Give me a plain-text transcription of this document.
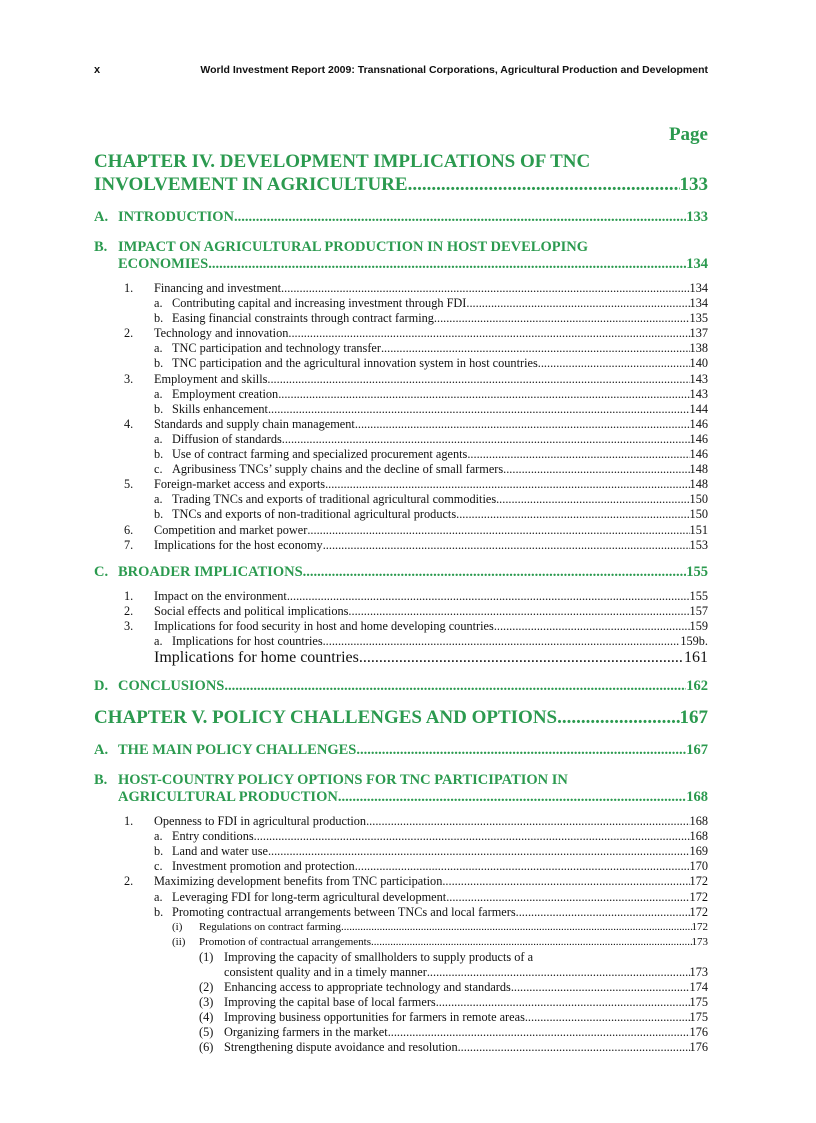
x	World Investment Report 2009: Transnational Corporations, Agricultural Production and Development
Page
CHAPTER IV. DEVELOPMENT IMPLICATIONS OF TNC
INVOLVEMENT IN AGRICULTURE .....	133
A. INTRODUCTION .....	133
B. IMPACT ON AGRICULTURAL PRODUCTION IN HOST DEVELOPING
ECONOMIES .....	134
1. Financing and investment .....	134
a. Contributing capital and increasing investment through FDI .....	134
b. Easing financial constraints through contract farming .....	135
2. Technology and innovation .....	137
a. TNC participation and technology transfer .....	138
b. TNC participation and the agricultural innovation system in host countries .....	140
3. Employment and skills .....	143
a. Employment creation .....	143
b. Skills enhancement .....	144
4. Standards and supply chain management .....	146
a. Diffusion of standards .....	146
b. Use of contract farming and specialized procurement agents .....	146
c. Agribusiness TNCs’ supply chains and the decline of small farmers .....	148
5. Foreign-market access and exports .....	148
a. Trading TNCs and exports of traditional agricultural commodities .....	150
b. TNCs and exports of non-traditional agricultural products .....	150
6. Competition and market power .....	151
7. Implications for the host economy .....	153
C. BROADER IMPLICATIONS .....	155
1. Impact on the environment .....	155
2. Social effects and political implications .....	157
3. Implications for food security in host and home developing countries .....	159
a. Implications for host countries .....	159b.
Implications for home countries .....	161
D. CONCLUSIONS .....	162
CHAPTER V. POLICY CHALLENGES AND OPTIONS .....	167
A. THE MAIN POLICY CHALLENGES .....	167
B. HOST-COUNTRY POLICY OPTIONS FOR TNC PARTICIPATION IN
AGRICULTURAL PRODUCTION .....	168
1. Openness to FDI in agricultural production .....	168
a. Entry conditions .....	168
b. Land and water use .....	169
c. Investment promotion and protection .....	170
2. Maximizing development benefits from TNC participation .....	172
a. Leveraging FDI for long-term agricultural development .....	172
b. Promoting contractual arrangements between TNCs and local farmers .....	172
(i) Regulations on contract farming .....	172
(ii) Promotion of contractual arrangements .....	173
(1) Improving the capacity of smallholders to supply products of a
consistent quality and in a timely manner .....	173
(2) Enhancing access to appropriate technology and standards .....	174
(3) Improving the capital base of local farmers .....	175
(4) Improving business opportunities for farmers in remote areas .....	175
(5) Organizing farmers in the market .....	176
(6) Strengthening dispute avoidance and resolution .....	176
